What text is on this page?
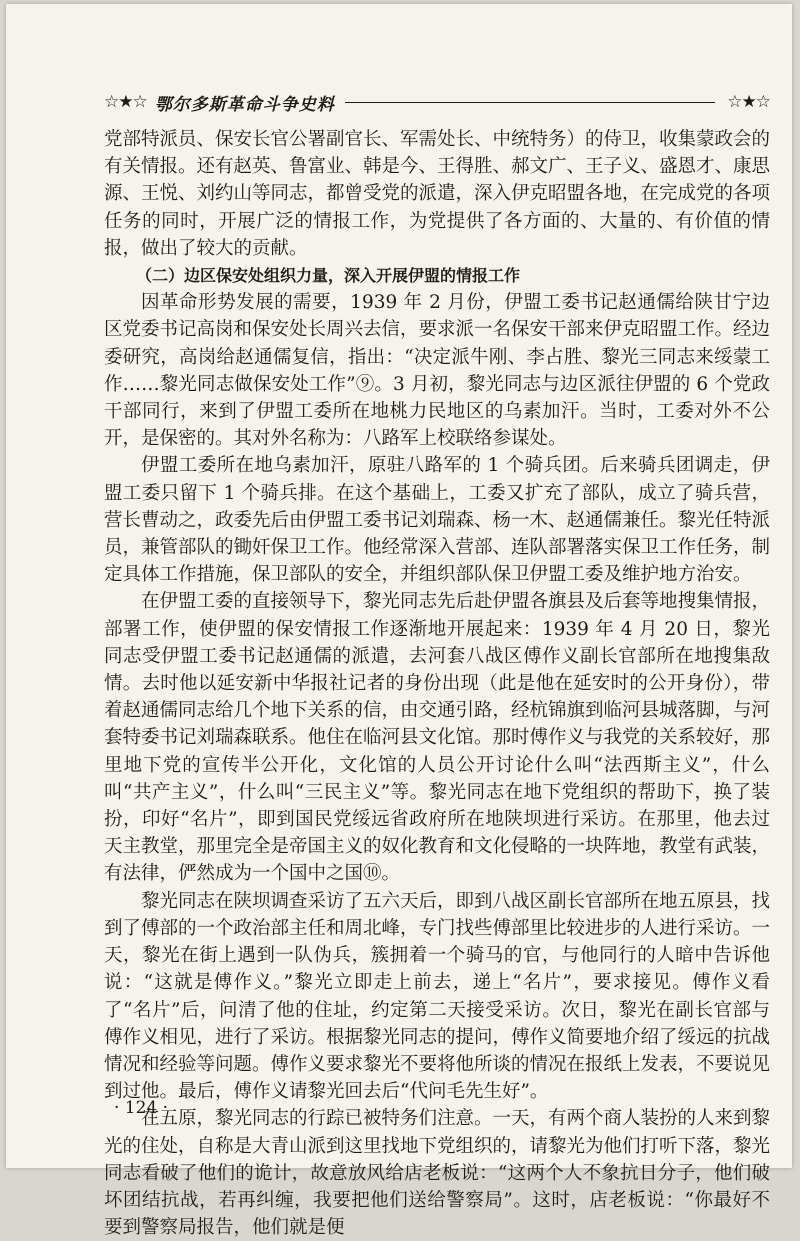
☆★☆ 鄂尔多斯革命斗争史料	☆★☆

党部特派员、保安长官公署副官长、军需处长、中统特务）的侍卫，收集蒙政会的有关情报。还有赵英、鲁富业、韩是今、王得胜、郝文广、王子义、盛恩才、康思源、王悦、刘约山等同志，都曾受党的派遣，深入伊克昭盟各地，在完成党的各项任务的同时，开展广泛的情报工作，为党提供了各方面的、大量的、有价值的情报，做出了较大的贡献。

（二）边区保安处组织力量，深入开展伊盟的情报工作

因革命形势发展的需要，1939 年 2 月份，伊盟工委书记赵通儒给陕甘宁边区党委书记高岗和保安处长周兴去信，要求派一名保安干部来伊克昭盟工作。经边委研究，高岗给赵通儒复信，指出：“决定派牛刚、李占胜、黎光三同志来绥蒙工作……黎光同志做保安处工作”⑨。3 月初，黎光同志与边区派往伊盟的 6 个党政干部同行，来到了伊盟工委所在地桃力民地区的乌素加汗。当时，工委对外不公开，是保密的。其对外名称为：八路军上校联络参谋处。

伊盟工委所在地乌素加汗，原驻八路军的 1 个骑兵团。后来骑兵团调走，伊盟工委只留下 1 个骑兵排。在这个基础上，工委又扩充了部队，成立了骑兵营，营长曹动之，政委先后由伊盟工委书记刘瑞森、杨一木、赵通儒兼任。黎光任特派员，兼管部队的锄奸保卫工作。他经常深入营部、连队部署落实保卫工作任务，制定具体工作措施，保卫部队的安全，并组织部队保卫伊盟工委及维护地方治安。

在伊盟工委的直接领导下，黎光同志先后赴伊盟各旗县及后套等地搜集情报，部署工作，使伊盟的保安情报工作逐渐地开展起来：1939 年 4 月 20 日，黎光同志受伊盟工委书记赵通儒的派遣，去河套八战区傅作义副长官部所在地搜集敌情。去时他以延安新中华报社记者的身份出现（此是他在延安时的公开身份），带着赵通儒同志给几个地下关系的信，由交通引路，经杭锦旗到临河县城落脚，与河套特委书记刘瑞森联系。他住在临河县文化馆。那时傅作义与我党的关系较好，那里地下党的宣传半公开化，文化馆的人员公开讨论什么叫“法西斯主义”，什么叫“共产主义”，什么叫“三民主义”等。黎光同志在地下党组织的帮助下，换了装扮，印好“名片”，即到国民党绥远省政府所在地陕坝进行采访。在那里，他去过天主教堂，那里完全是帝国主义的奴化教育和文化侵略的一块阵地，教堂有武装，有法律，俨然成为一个国中之国⑩。

黎光同志在陕坝调查采访了五六天后，即到八战区副长官部所在地五原县，找到了傅部的一个政治部主任和周北峰，专门找些傅部里比较进步的人进行采访。一天，黎光在街上遇到一队伪兵，簇拥着一个骑马的官，与他同行的人暗中告诉他说：“这就是傅作义。”黎光立即走上前去，递上“名片”，要求接见。傅作义看了“名片”后，问清了他的住址，约定第二天接受采访。次日，黎光在副长官部与傅作义相见，进行了采访。根据黎光同志的提问，傅作义简要地介绍了绥远的抗战情况和经验等问题。傅作义要求黎光不要将他所谈的情况在报纸上发表，不要说见到过他。最后，傅作义请黎光回去后“代问毛先生好”。

在五原，黎光同志的行踪已被特务们注意。一天，有两个商人装扮的人来到黎光的住处，自称是大青山派到这里找地下党组织的，请黎光为他们打听下落，黎光同志看破了他们的诡计，故意放风给店老板说：“这两个人不象抗日分子，他们破坏团结抗战，若再纠缠，我要把他们送给警察局”。这时，店老板说：“你最好不要到警察局报告，他们就是便

· 124 ·
